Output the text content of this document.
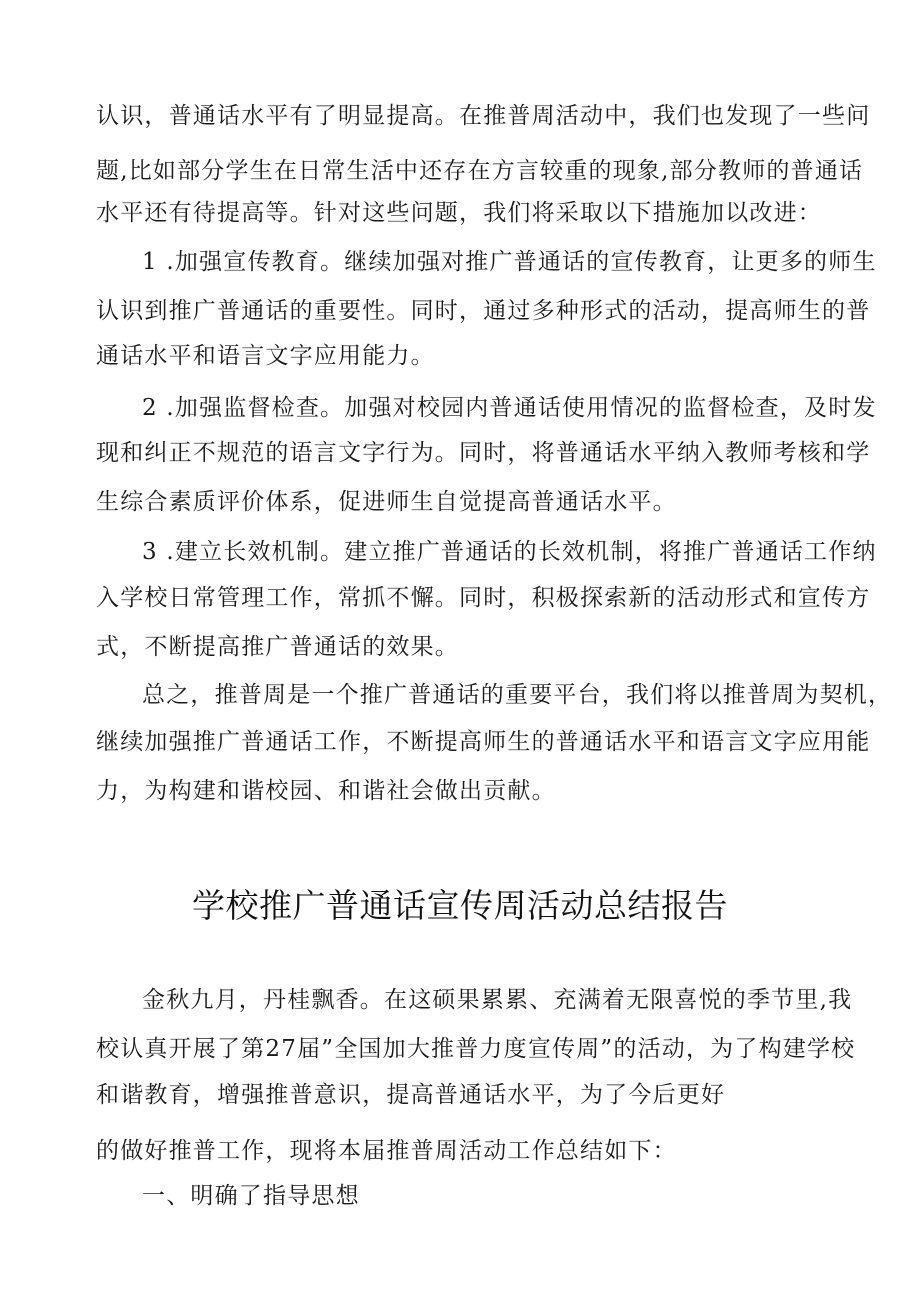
认识，普通话水平有了明显提高。在推普周活动中，我们也发现了一些问
题,比如部分学生在日常生活中还存在方言较重的现象,部分教师的普通话
水平还有待提高等。针对这些问题，我们将采取以下措施加以改进：
1 .加强宣传教育。继续加强对推广普通话的宣传教育，让更多的师生
认识到推广普通话的重要性。同时，通过多种形式的活动，提高师生的普
通话水平和语言文字应用能力。
2 .加强监督检查。加强对校园内普通话使用情况的监督检查，及时发
现和纠正不规范的语言文字行为。同时，将普通话水平纳入教师考核和学
生综合素质评价体系，促进师生自觉提高普通话水平。
3 .建立长效机制。建立推广普通话的长效机制，将推广普通话工作纳
入学校日常管理工作，常抓不懈。同时，积极探索新的活动形式和宣传方
式，不断提高推广普通话的效果。
总之，推普周是一个推广普通话的重要平台，我们将以推普周为契机，
继续加强推广普通话工作，不断提高师生的普通话水平和语言文字应用能
力，为构建和谐校园、和谐社会做出贡献。
学校推广普通话宣传周活动总结报告
金秋九月，丹桂飘香。在这硕果累累、充满着无限喜悦的季节里,我
校认真开展了第27届”全国加大推普力度宣传周”的活动，为了构建学校
和谐教育，增强推普意识，提高普通话水平，为了今后更好
的做好推普工作，现将本届推普周活动工作总结如下：
一、明确了指导思想
